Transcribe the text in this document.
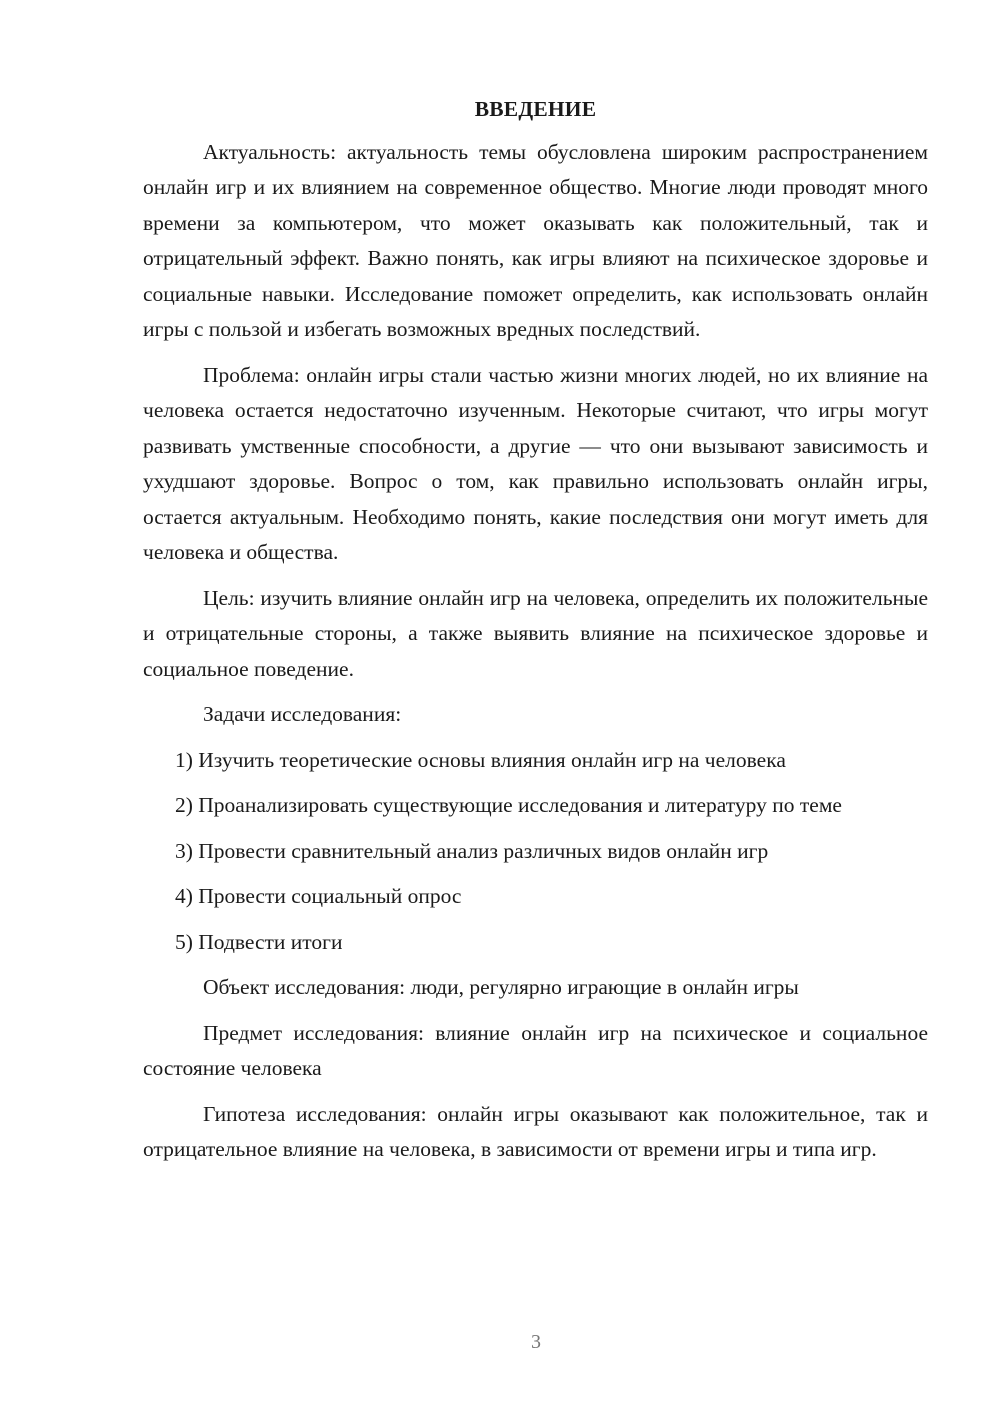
ВВЕДЕНИЕ

Актуальность: актуальность темы обусловлена широким распространением онлайн игр и их влиянием на современное общество. Многие люди проводят много времени за компьютером, что может оказывать как положительный, так и отрицательный эффект. Важно понять, как игры влияют на психическое здоровье и социальные навыки. Исследование поможет определить, как использовать онлайн игры с пользой и избегать возможных вредных последствий.

Проблема: онлайн игры стали частью жизни многих людей, но их влияние на человека остается недостаточно изученным. Некоторые считают, что игры могут развивать умственные способности, а другие — что они вызывают зависимость и ухудшают здоровье. Вопрос о том, как правильно использовать онлайн игры, остается актуальным. Необходимо понять, какие последствия они могут иметь для человека и общества.

Цель: изучить влияние онлайн игр на человека, определить их положительные и отрицательные стороны, а также выявить влияние на психическое здоровье и социальное поведение.

Задачи исследования:

1) Изучить теоретические основы влияния онлайн игр на человека

2) Проанализировать существующие исследования и литературу по теме

3) Провести сравнительный анализ различных видов онлайн игр

4) Провести социальный опрос

5) Подвести итоги

Объект исследования: люди, регулярно играющие в онлайн игры

Предмет исследования: влияние онлайн игр на психическое и социальное состояние человека

Гипотеза исследования: онлайн игры оказывают как положительное, так и отрицательное влияние на человека, в зависимости от времени игры и типа игр.

3
